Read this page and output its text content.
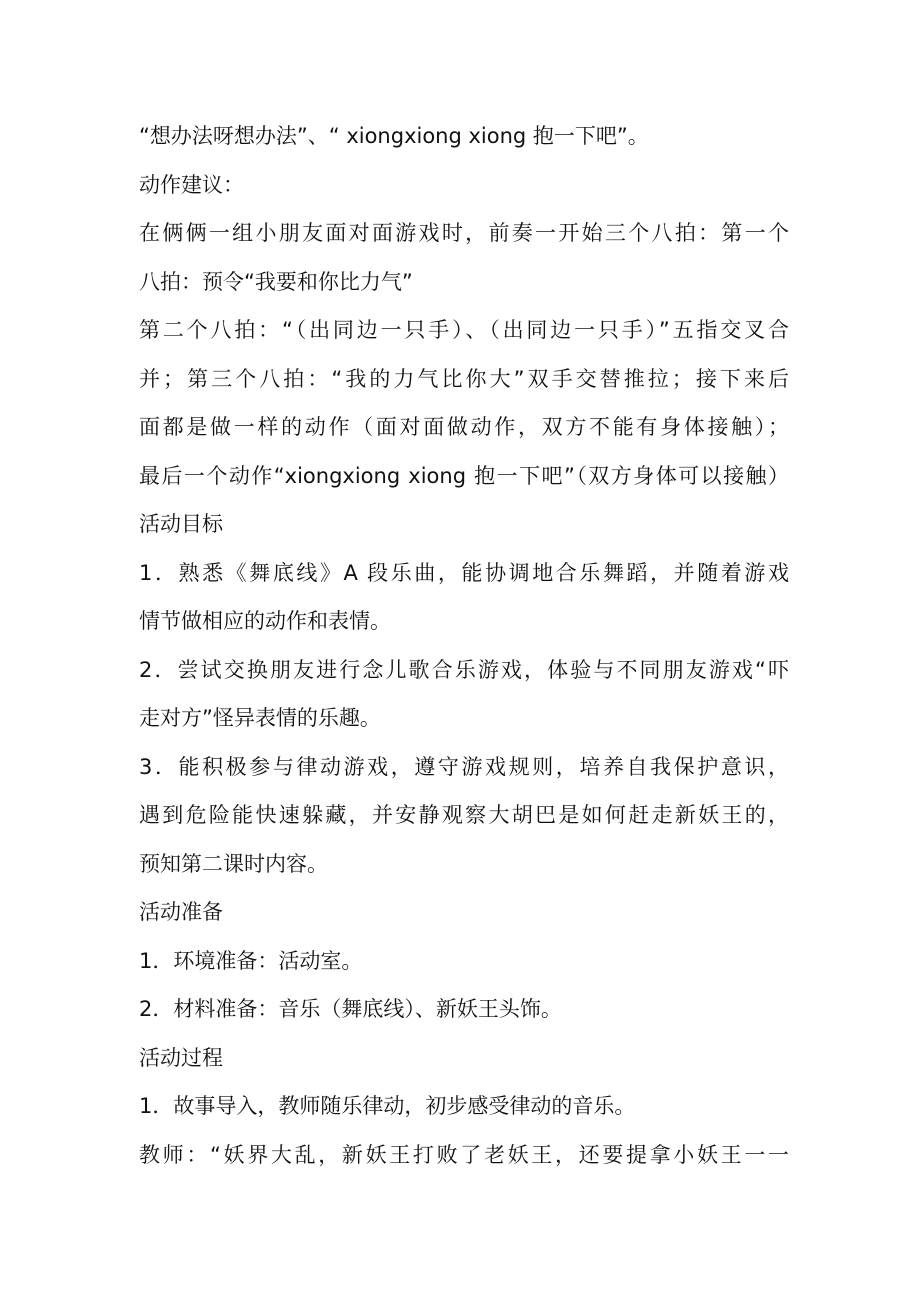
“想办法呀想办法”、“ xiongxiong xiong 抱一下吧”。
动作建议：
在俩俩一组小朋友面对面游戏时，前奏一开始三个八拍：第一个
八拍：预令“我要和你比力气”
第二个八拍：“（出同边一只手）、（出同边一只手）”五指交叉合
并；第三个八拍：“我的力气比你大”双手交替推拉；接下来后
面都是做一样的动作（面对面做动作，双方不能有身体接触）；
最后一个动作“xiongxiong xiong 抱一下吧”（双方身体可以接触）
活动目标
1．熟悉《舞底线》A 段乐曲，能协调地合乐舞蹈，并随着游戏
情节做相应的动作和表情。
2．尝试交换朋友进行念儿歌合乐游戏，体验与不同朋友游戏“吓
走对方”怪异表情的乐趣。
3．能积极参与律动游戏，遵守游戏规则，培养自我保护意识，
遇到危险能快速躲藏，并安静观察大胡巴是如何赶走新妖王的，
预知第二课时内容。
活动准备
1．环境准备：活动室。
2．材料准备：音乐（舞底线）、新妖王头饰。
活动过程
1．故事导入，教师随乐律动，初步感受律动的音乐。
教师：“妖界大乱，新妖王打败了老妖王，还要提拿小妖王一一
